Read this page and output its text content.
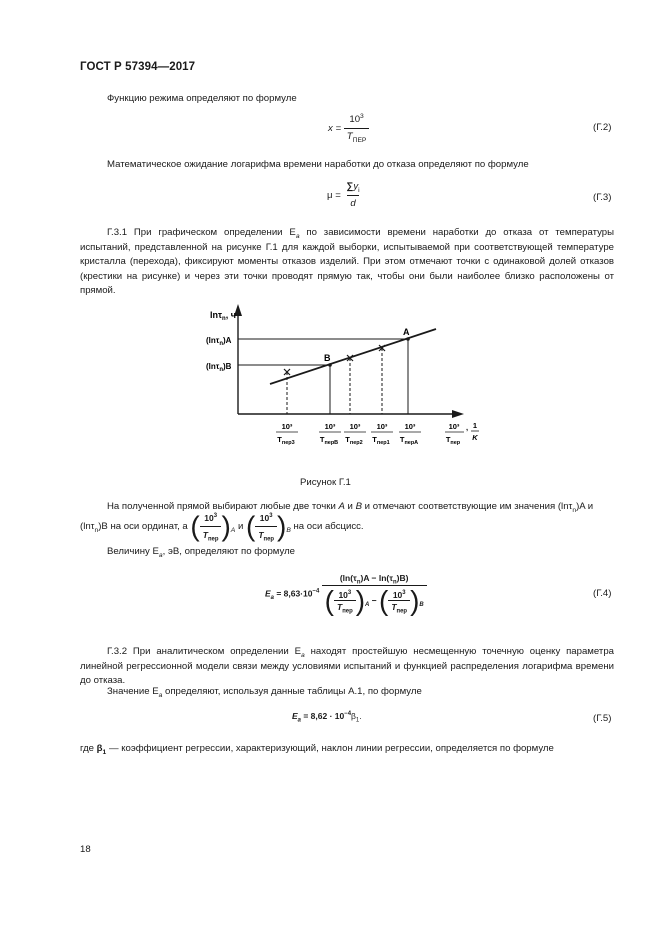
ГОСТ Р 57394—2017
Функцию режима определяют по формуле
$x = \frac{10^3}{T_{ПЕР}}$	(Г.2)
Математическое ожидание логарифма времени наработки до отказа определяют по формуле
$\mu = \frac{\sum y_i}{d}$	(Г.3)
Г.3.1 При графическом определении $E_a$ по зависимости времени наработки до отказа от температуры испытаний, представленной на рисунке Г.1 для каждой выборки, испытываемой при соответствующей температуре кристалла (перехода), фиксируют моменты отказов изделий. При этом отмечают точки с одинаковой долей отказов (крестики на рисунке) и через эти точки проводят прямую так, чтобы они были наиболее близко расположены от прямой.
lnτ$_n$, ч
(lnτ$_n$)A
(lnτ$_n$)B
A
B
10³
$T_{пер3}$
10³
$T_{перB}$
10³
$T_{пер2}$
10³
$T_{пер1}$
10³
$T_{перA}$
10³
$T_{пер}$
, 1
K
Рисунок Г.1
На полученной прямой выбирают любые две точки A и B и отмечают соответствующие им значения (lnτ$_n$)A и
(lnτ$_n$)B на оси ординат, а ( $\frac{10^3}{T_{пер}} )_A$ и ( $\frac{10^3}{T_{пер}} )_B$ на оси абсцисс.
Величину $E_a$, эВ, определяют по формуле
$E_a = 8,63\cdot 10^{-4} \frac{(\ln(\tau_n)A - \ln(\tau_n)B)}{( \frac{10^3}{T_{пер}} )_A - ( \frac{10^3}{T_{пер}} )_B}$	(Г.4)
Г.3.2 При аналитическом определении $E_a$ находят простейшую несмещенную точечную оценку параметра линейной регрессионной модели связи между условиями испытаний и функцией распределения логарифма времени до отказа.
Значение $E_a$ определяют, используя данные таблицы А.1, по формуле
$E_a = 8,62 \cdot 10^{-4}\beta_1$.	(Г.5)
где $\beta_1$ — коэффициент регрессии, характеризующий, наклон линии регрессии, определяется по формуле
18
